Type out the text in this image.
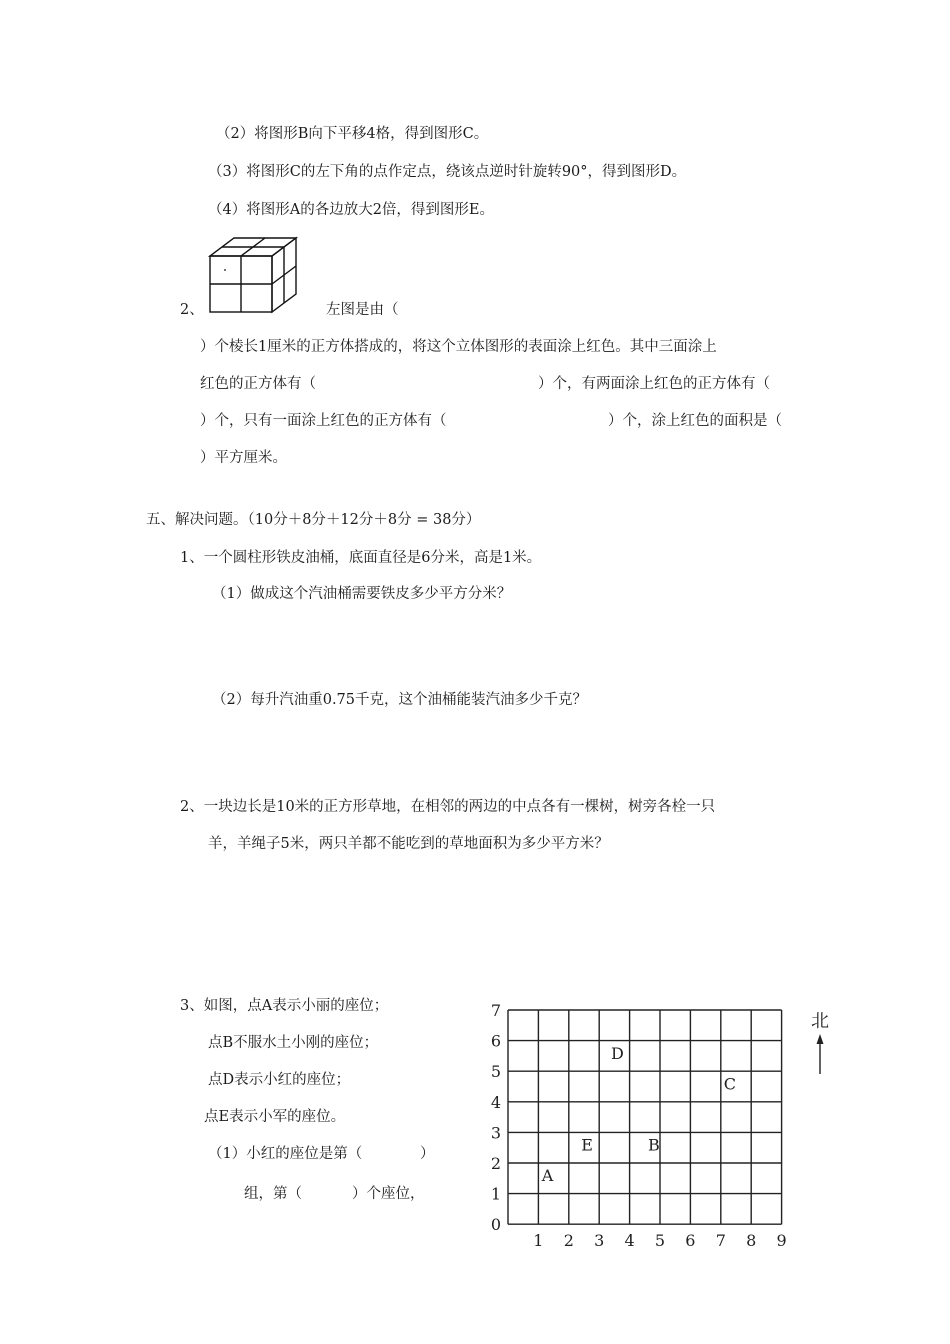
（2）将图形B向下平移4格，得到图形C。
（3）将图形C的左下角的点作定点，绕该点逆时针旋转90°，得到图形D。
（4）将图形A的各边放大2倍，得到图形E。
2、	左图是由（
）个棱长1厘米的正方体搭成的，将这个立体图形的表面涂上红色。其中三面涂上
红色的正方体有（	）个，有两面涂上红色的正方体有（
）个，只有一面涂上红色的正方体有（	）个，涂上红色的面积是（
）平方厘米。
五、解决问题。（10分＋8分＋12分＋8分 = 38分）
1、一个圆柱形铁皮油桶，底面直径是6分米，高是1米。
（1）做成这个汽油桶需要铁皮多少平方分米？
（2）每升汽油重0.75千克，这个油桶能装汽油多少千克？
2、一块边长是10米的正方形草地，在相邻的两边的中点各有一棵树，树旁各栓一只
羊，羊绳子5米，两只羊都不能吃到的草地面积为多少平方米？
3、如图，点A表示小丽的座位；
点B不服水土小刚的座位；
点D表示小红的座位；
点E表示小军的座位。
（1）小红的座位是第（	）
组，第（	）个座位，
0
1
2
3
4
5
6
7
1 2 3 4 5 6 7 8 9
A
E	B
D
C
北
